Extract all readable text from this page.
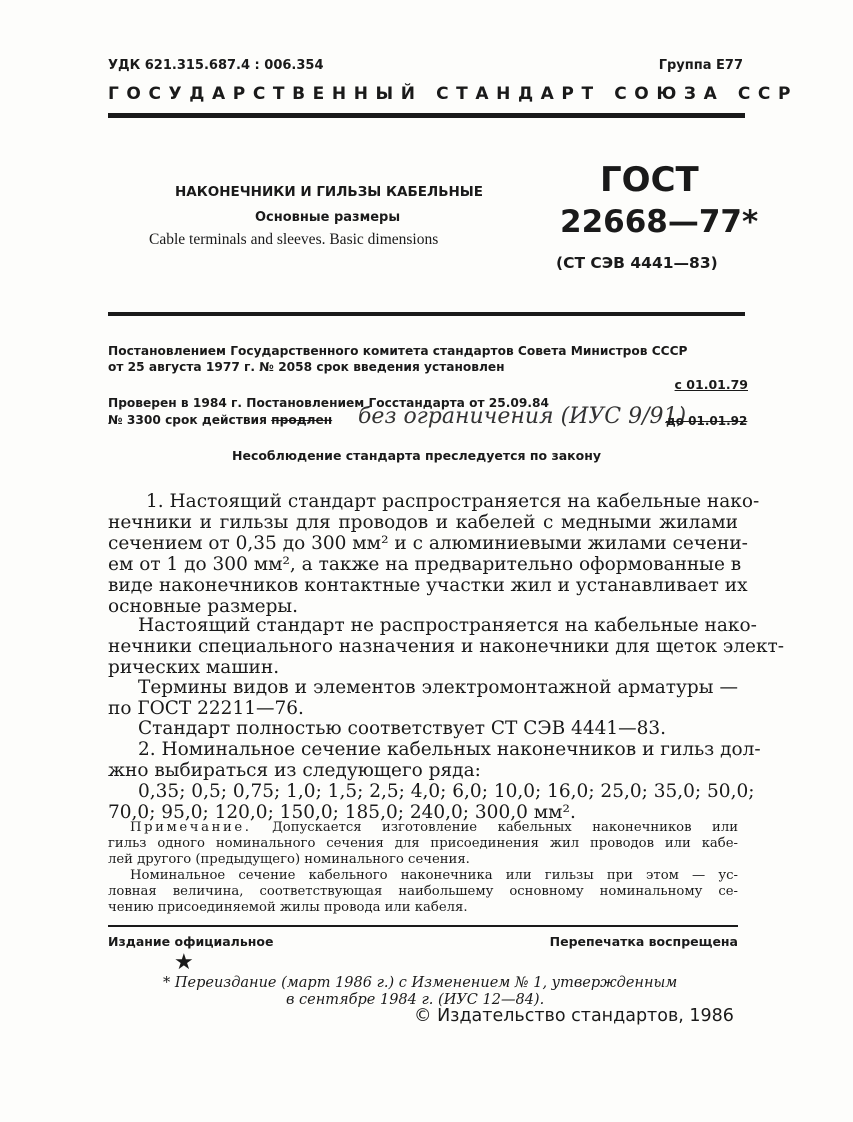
УДК 621.315.687.4 : 006.354	Группа Е77
ГОСУДАРСТВЕННЫЙ СТАНДАРТ СОЮЗА ССР
НАКОНЕЧНИКИ И ГИЛЬЗЫ КАБЕЛЬНЫЕ
Основные размеры
Cable terminals and sleeves. Basic dimensions
ГОСТ
22668—77*
(СТ СЭВ 4441—83)
Постановлением Государственного комитета стандартов Совета Министров СССР
от 25 августа 1977 г. № 2058 срок введения установлен
с 01.01.79
Проверен в 1984 г. Постановлением Госстандарта от 25.09.84
№ 3300 срок действия продлен без ограничения (ИУС 9/91)
до 01.01.92
Несоблюдение стандарта преследуется по закону
1. Настоящий стандарт распространяется на кабельные нако-
нечники и гильзы для проводов и кабелей с медными жилами
сечением от 0,35 до 300 мм² и с алюминиевыми жилами сечени-
ем от 1 до 300 мм², а также на предварительно оформованные в
виде наконечников контактные участки жил и устанавливает их
основные размеры.
Настоящий стандарт не распространяется на кабельные нако-
нечники специального назначения и наконечники для щеток элект-
рических машин.
Термины видов и элементов электромонтажной арматуры —
по ГОСТ 22211—76.
Стандарт полностью соответствует СТ СЭВ 4441—83.
2. Номинальное сечение кабельных наконечников и гильз дол-
жно выбираться из следующего ряда:
0,35; 0,5; 0,75; 1,0; 1,5; 2,5; 4,0; 6,0; 10,0; 16,0; 25,0; 35,0; 50,0;
70,0; 95,0; 120,0; 150,0; 185,0; 240,0; 300,0 мм².
Примечание. Допускается изготовление кабельных наконечников или
гильз одного номинального сечения для присоединения жил проводов или кабе-
лей другого (предыдущего) номинального сечения.
Номинальное сечение кабельного наконечника или гильзы при этом — ус-
ловная величина, соответствующая наибольшему основному номинальному се-
чению присоединяемой жилы провода или кабеля.
Издание официальное	Перепечатка воспрещена
★
* Переиздание (март 1986 г.) с Изменением № 1, утвержденным
в сентябре 1984 г. (ИУС 12—84).
© Издательство стандартов, 1986
